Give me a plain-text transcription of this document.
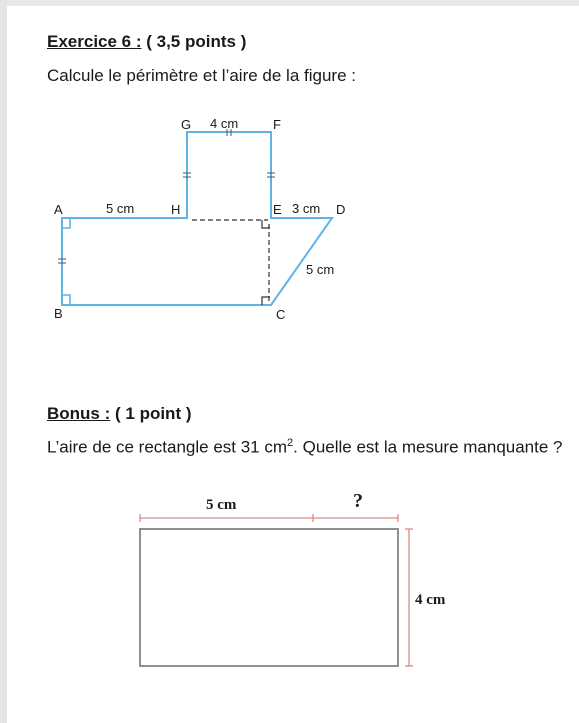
Exercice 6 : ( 3,5 points )
Calcule le périmètre et l’aire de la figure :
G	F
A	H	E	D
B	C
4 cm
5 cm	3 cm
5 cm
5 cm	?
4 cm
Bonus : ( 1 point )
L’aire de ce rectangle est 31 $cm^2$. Quelle est la mesure manquante ?
